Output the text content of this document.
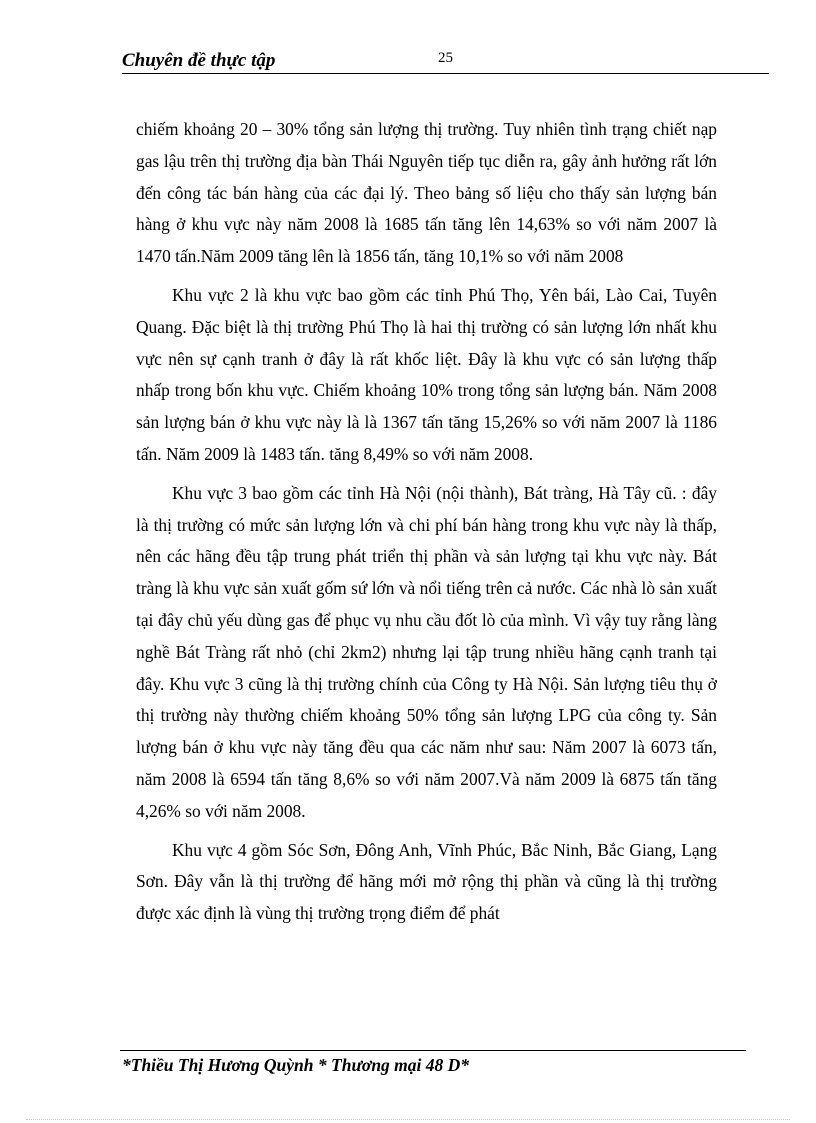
Chuyên đề thực tập	25

chiếm khoảng 20 – 30% tổng sản lượng thị trường. Tuy nhiên tình trạng chiết nạp gas lậu trên thị trường địa bàn Thái Nguyên tiếp tục diễn ra, gây ảnh hưởng rất lớn đến công tác bán hàng của các đại lý. Theo bảng số liệu cho thấy sản lượng bán hàng ở khu vực này năm 2008 là 1685 tấn tăng lên 14,63% so với năm 2007 là 1470 tấn.Năm 2009 tăng lên là 1856 tấn, tăng 10,1% so với năm 2008

Khu vực 2 là khu vực bao gồm các tỉnh Phú Thọ, Yên bái, Lào Cai, Tuyên Quang. Đặc biệt là thị trường Phú Thọ là hai thị trường có sản lượng lớn nhất khu vực nên sự cạnh tranh ở đây là rất khốc liệt. Đây là khu vực có sản lượng thấp nhấp trong bốn khu vực. Chiếm khoảng 10% trong tổng sản lượng bán. Năm 2008 sản lượng bán ở khu vực này là là 1367 tấn tăng 15,26% so với năm 2007 là 1186 tấn. Năm 2009 là 1483 tấn. tăng 8,49% so với năm 2008.

Khu vực 3 bao gồm các tỉnh Hà Nội (nội thành), Bát tràng, Hà Tây cũ. : đây là thị trường có mức sản lượng lớn và chi phí bán hàng trong khu vực này là thấp, nên các hãng đều tập trung phát triển thị phần và sản lượng tại khu vực này. Bát tràng là khu vực sản xuất gốm sứ lớn và nổi tiếng trên cả nước. Các nhà lò sản xuất tại đây chủ yếu dùng gas để phục vụ nhu cầu đốt lò của mình. Vì vậy tuy rằng làng nghề Bát Tràng rất nhỏ (chỉ 2km2) nhưng lại tập trung nhiều hãng cạnh tranh tại đây. Khu vực 3 cũng là thị trường chính của Công ty Hà Nội. Sản lượng tiêu thụ ở thị trường này thường chiếm khoảng 50% tổng sản lượng LPG của công ty. Sản lượng bán ở khu vực này tăng đều qua các năm như sau: Năm 2007 là 6073 tấn, năm 2008 là 6594 tấn tăng 8,6% so với năm 2007.Và năm 2009 là 6875 tấn tăng 4,26% so với năm 2008.

Khu vực 4 gồm Sóc Sơn, Đông Anh, Vĩnh Phúc, Bắc Ninh, Bắc Giang, Lạng Sơn. Đây vẫn là thị trường để hãng mới mở rộng thị phần và cũng là thị trường được xác định là vùng thị trường trọng điểm để phát

*Thiều Thị Hương Quỳnh * Thương mại 48 D*
